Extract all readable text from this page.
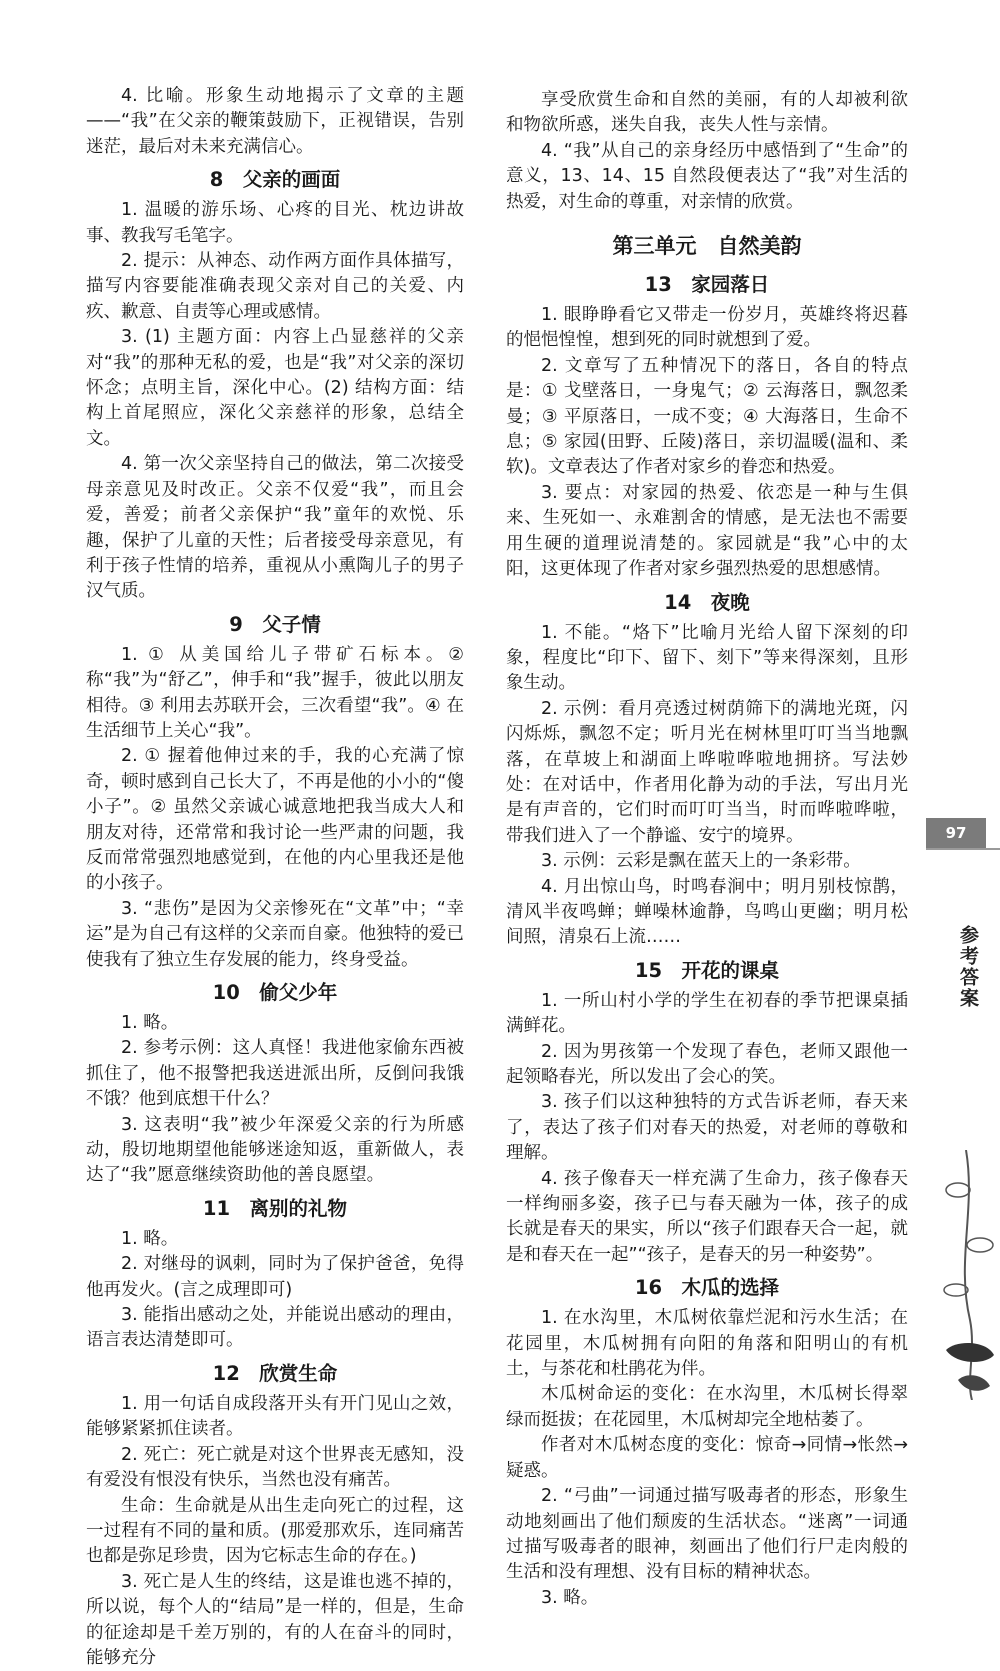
4. 比喻。形象生动地揭示了文章的主题——“我”在父亲的鞭策鼓励下，正视错误，告别迷茫，最后对未来充满信心。
8　父亲的画面
1. 温暖的游乐场、心疼的目光、枕边讲故事、教我写毛笔字。
2. 提示：从神态、动作两方面作具体描写，描写内容要能准确表现父亲对自己的关爱、内疚、歉意、自责等心理或感情。
3. (1) 主题方面：内容上凸显慈祥的父亲对“我”的那种无私的爱，也是“我”对父亲的深切怀念；点明主旨，深化中心。(2) 结构方面：结构上首尾照应，深化父亲慈祥的形象，总结全文。
4. 第一次父亲坚持自己的做法，第二次接受母亲意见及时改正。父亲不仅爱“我”，而且会爱，善爱；前者父亲保护“我”童年的欢悦、乐趣，保护了儿童的天性；后者接受母亲意见，有利于孩子性情的培养，重视从小熏陶儿子的男子汉气质。
9　父子情
1. ① 从美国给儿子带矿石标本。② 称“我”为“舒乙”，伸手和“我”握手，彼此以朋友相待。③ 利用去苏联开会，三次看望“我”。④ 在生活细节上关心“我”。
2. ① 握着他伸过来的手，我的心充满了惊奇，顿时感到自己长大了，不再是他的小小的“傻小子”。② 虽然父亲诚心诚意地把我当成大人和朋友对待，还常常和我讨论一些严肃的问题，我反而常常强烈地感觉到，在他的内心里我还是他的小孩子。
3. “悲伤”是因为父亲惨死在“文革”中；“幸运”是为自己有这样的父亲而自豪。他独特的爱已使我有了独立生存发展的能力，终身受益。
10　偷父少年
1. 略。
2. 参考示例：这人真怪！我进他家偷东西被抓住了，他不报警把我送进派出所，反倒问我饿不饿？他到底想干什么？
3. 这表明“我”被少年深爱父亲的行为所感动，殷切地期望他能够迷途知返，重新做人，表达了“我”愿意继续资助他的善良愿望。
11　离别的礼物
1. 略。
2. 对继母的讽刺，同时为了保护爸爸，免得他再发火。(言之成理即可)
3. 能指出感动之处，并能说出感动的理由，语言表达清楚即可。
12　欣赏生命
1. 用一句话自成段落开头有开门见山之效，能够紧紧抓住读者。
2. 死亡：死亡就是对这个世界丧无感知，没有爱没有恨没有快乐，当然也没有痛苦。
生命：生命就是从出生走向死亡的过程，这一过程有不同的量和质。(那爱那欢乐，连同痛苦也都是弥足珍贵，因为它标志生命的存在。)
3. 死亡是人生的终结，这是谁也逃不掉的，所以说，每个人的“结局”是一样的，但是，生命的征途却是千差万别的，有的人在奋斗的同时，能够充分
享受欣赏生命和自然的美丽，有的人却被利欲和物欲所惑，迷失自我，丧失人性与亲情。
4. “我”从自己的亲身经历中感悟到了“生命”的意义，13、14、15 自然段便表达了“我”对生活的热爱，对生命的尊重，对亲情的欣赏。
第三单元　自然美韵
13　家园落日
1. 眼睁睁看它又带走一份岁月，英雄终将迟暮的悒悒惶惶，想到死的同时就想到了爱。
2. 文章写了五种情况下的落日，各自的特点是：① 戈壁落日，一身鬼气；② 云海落日，飘忽柔曼；③ 平原落日，一成不变；④ 大海落日，生命不息；⑤ 家园(田野、丘陵)落日，亲切温暖(温和、柔软)。文章表达了作者对家乡的眷恋和热爱。
3. 要点：对家园的热爱、依恋是一种与生俱来、生死如一、永难割舍的情感，是无法也不需要用生硬的道理说清楚的。家园就是“我”心中的太阳，这更体现了作者对家乡强烈热爱的思想感情。
14　夜晚
1. 不能。“烙下”比喻月光给人留下深刻的印象，程度比“印下、留下、刻下”等来得深刻，且形象生动。
2. 示例：看月亮透过树荫筛下的满地光斑，闪闪烁烁，飘忽不定；听月光在树林里叮叮当当地飘落，在草坡上和湖面上哗啦哗啦地拥挤。写法妙处：在对话中，作者用化静为动的手法，写出月光是有声音的，它们时而叮叮当当，时而哗啦哗啦，带我们进入了一个静谧、安宁的境界。
3. 示例：云彩是飘在蓝天上的一条彩带。
4. 月出惊山鸟，时鸣春涧中；明月别枝惊鹊，清风半夜鸣蝉；蝉噪林逾静，鸟鸣山更幽；明月松间照，清泉石上流……
15　开花的课桌
1. 一所山村小学的学生在初春的季节把课桌插满鲜花。
2. 因为男孩第一个发现了春色，老师又跟他一起领略春光，所以发出了会心的笑。
3. 孩子们以这种独特的方式告诉老师，春天来了，表达了孩子们对春天的热爱，对老师的尊敬和理解。
4. 孩子像春天一样充满了生命力，孩子像春天一样绚丽多姿，孩子已与春天融为一体，孩子的成长就是春天的果实，所以“孩子们跟春天合一起，就是和春天在一起”“孩子，是春天的另一种姿势”。
16　木瓜的选择
1. 在水沟里，木瓜树依靠烂泥和污水生活；在花园里，木瓜树拥有向阳的角落和阳明山的有机土，与茶花和杜鹃花为伴。
木瓜树命运的变化：在水沟里，木瓜树长得翠绿而挺拔；在花园里，木瓜树却完全地枯萎了。
作者对木瓜树态度的变化：惊奇→同情→怅然→疑惑。
2. “弓曲”一词通过描写吸毒者的形态，形象生动地刻画出了他们颓废的生活状态。“迷离”一词通过描写吸毒者的眼神，刻画出了他们行尸走肉般的生活和没有理想、没有目标的精神状态。
3. 略。
97
参考答案
